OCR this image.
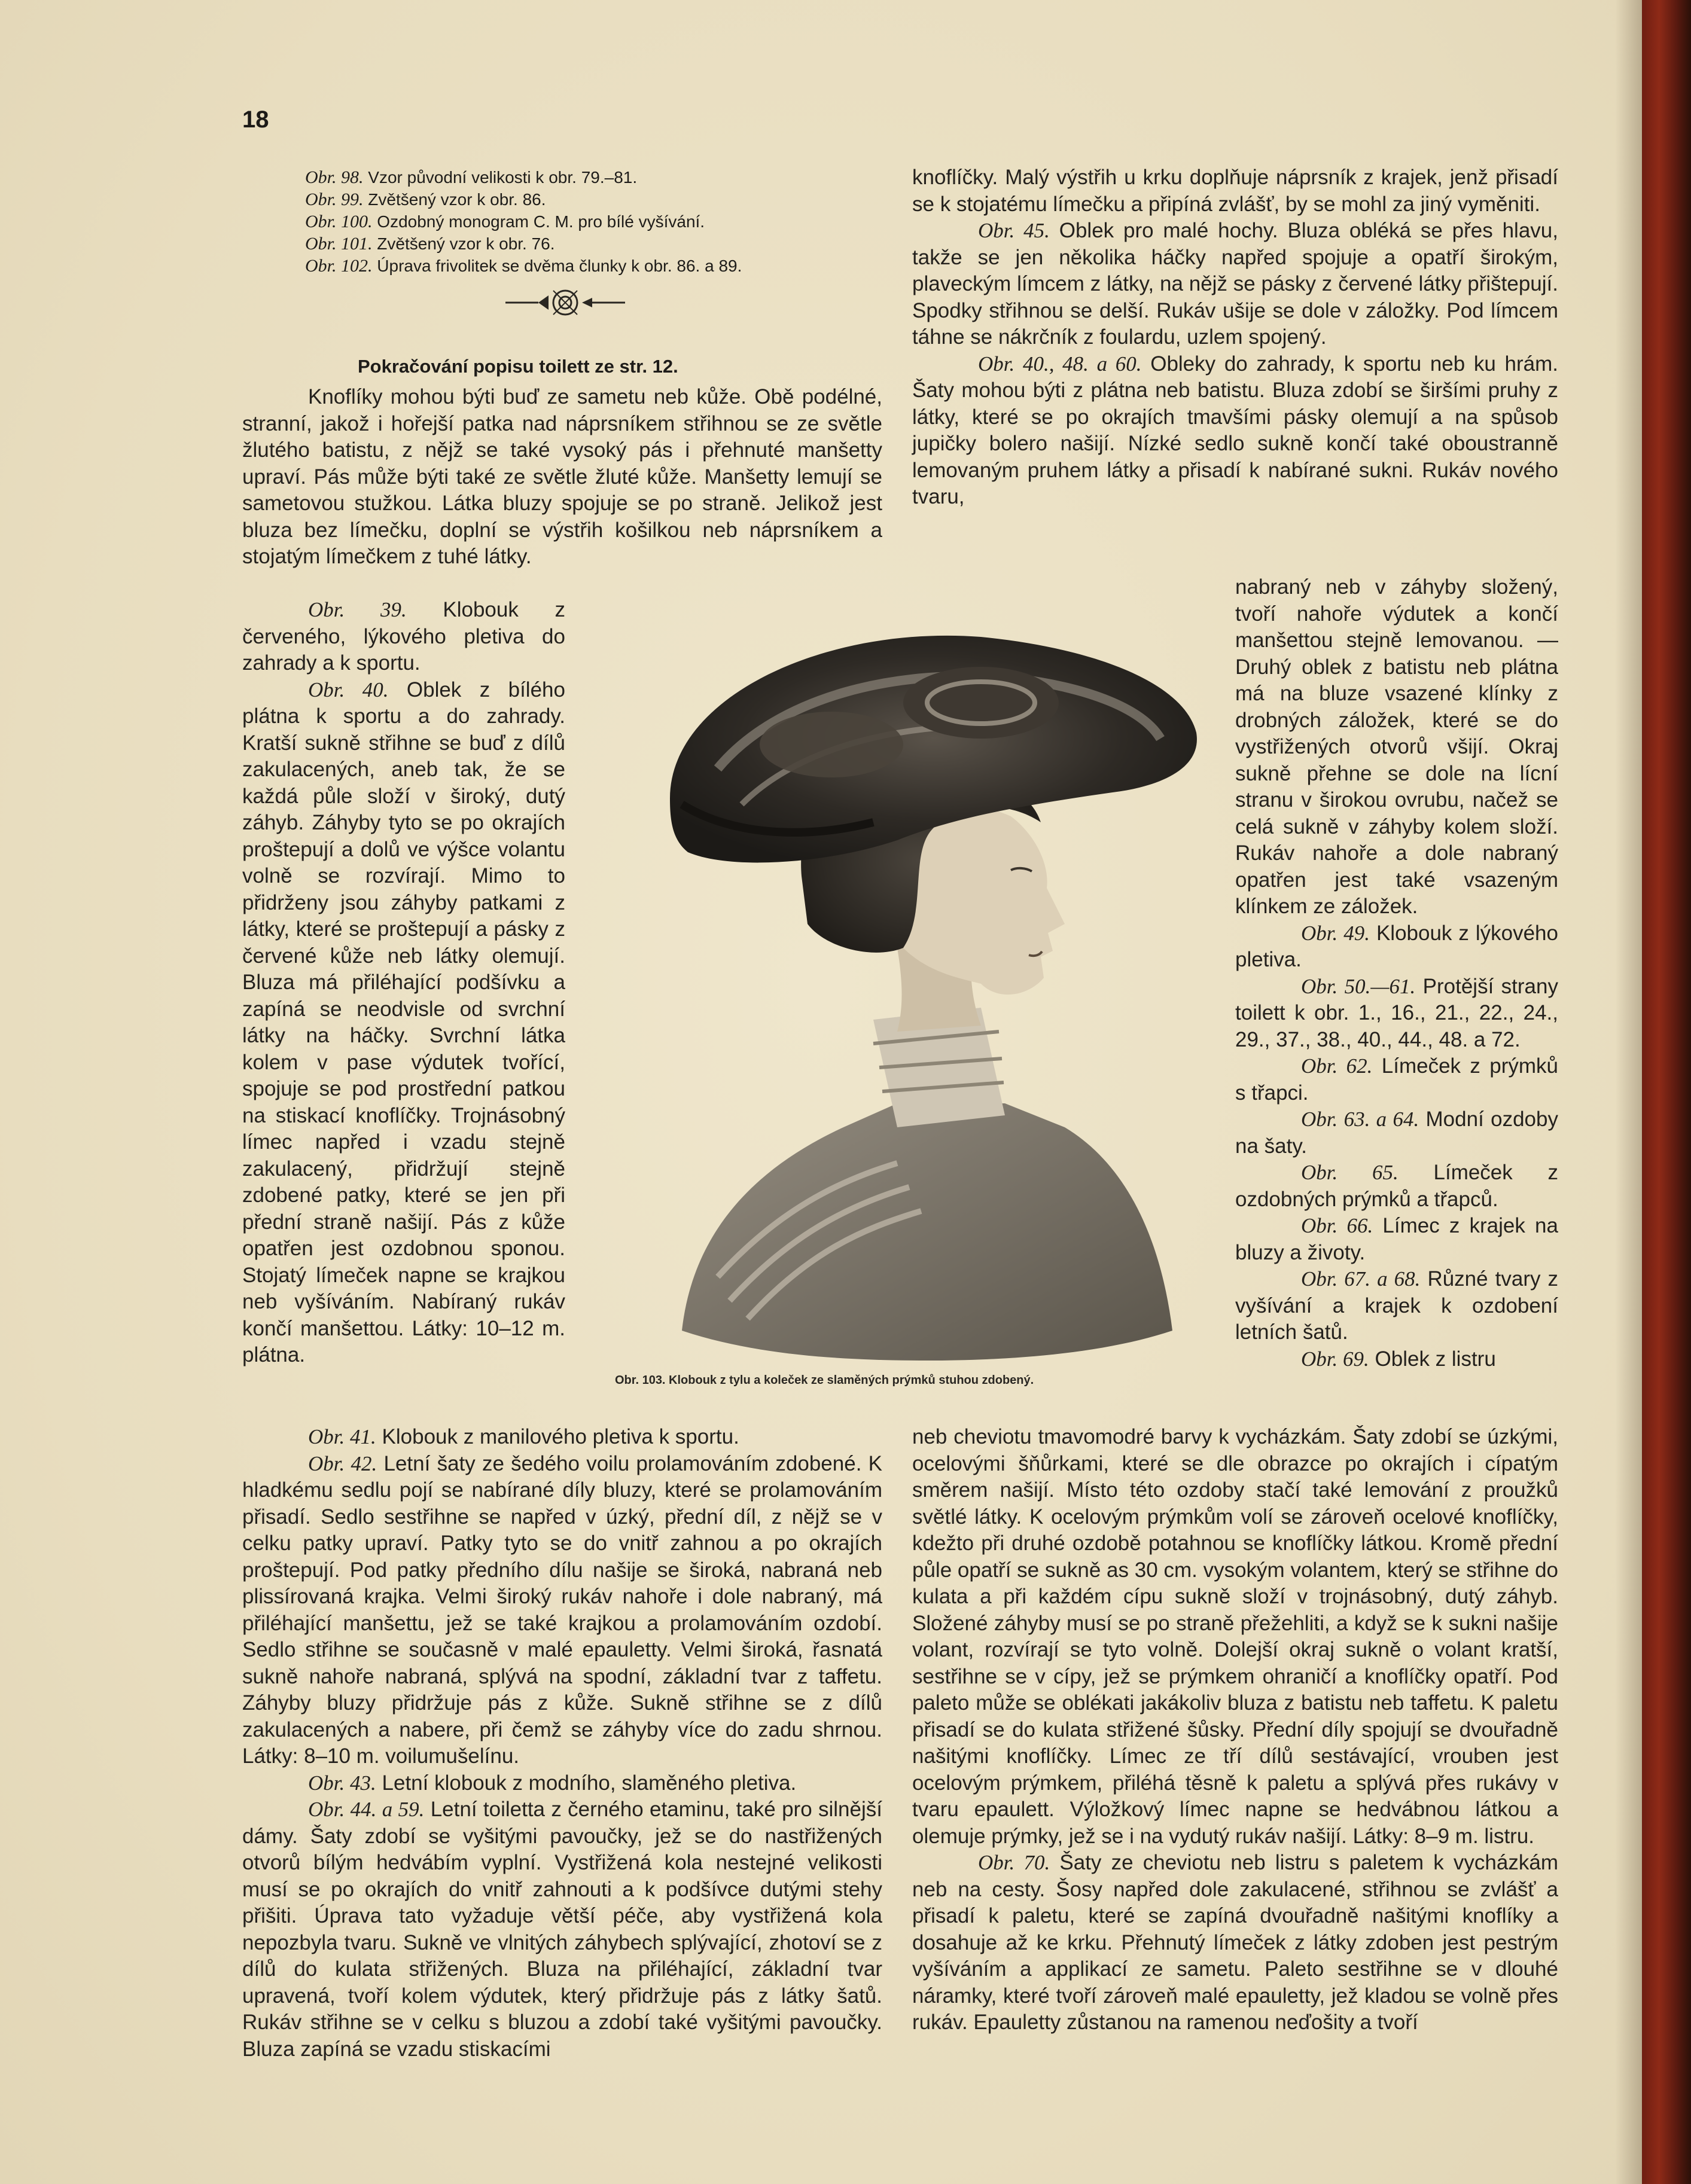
18
Obr. 98. Vzor původní velikosti k obr. 79.–81.
Obr. 99. Zvětšený vzor k obr. 86.
Obr. 100. Ozdobný monogram C. M. pro bílé vyšívání.
Obr. 101. Zvětšený vzor k obr. 76.
Obr. 102. Úprava frivolitek se dvěma člunky k obr. 86. a 89.
Pokračování popisu toilett ze str. 12.

Knoflíky mohou býti buď ze sametu neb kůže. Obě podélné, stranní, jakož i hořejší patka nad náprsníkem střihnou se ze světle žlutého batistu, z nějž se také vysoký pás i přehnuté manšetty upraví. Pás může býti také ze světle žluté kůže. Manšetty lemují se sametovou stužkou. Látka bluzy spojuje se po straně. Jelikož jest bluza bez límečku, doplní se výstřih košilkou neb náprsníkem a stojatým límečkem z tuhé látky.

Obr. 39. Klobouk z červeného, lýkového pletiva do zahrady a k sportu.

Obr. 40. Oblek z bílého plátna k sportu a do zahrady. Kratší sukně střihne se buď z dílů zakulacených, aneb tak, že se každá půle složí v široký, dutý záhyb. Záhyby tyto se po okrajích proštepují a dolů ve výšce volantu volně se rozvírají. Mimo to přidrženy jsou záhyby patkami z látky, které se proštepují a pásky z červené kůže neb látky olemují. Bluza má přiléhající podšívku a zapíná se neodvisle od svrchní látky na háčky. Svrchní látka kolem v pase výdutek tvořící, spojuje se pod prostřední patkou na stiskací knoflíčky. Trojnásobný límec napřed i vzadu stejně zakulacený, přidržují stejně zdobené patky, které se jen při přední straně našijí. Pás z kůže opatřen jest ozdobnou sponou. Stojatý límeček napne se krajkou neb vyšíváním. Nabíraný rukáv končí manšettou. Látky: 10–12 m. plátna.

Obr. 41. Klobouk z manilového pletiva k sportu.

Obr. 42. Letní šaty ze šedého voilu prolamováním zdobené. K hladkému sedlu pojí se nabírané díly bluzy, které se prolamováním přisadí. Sedlo sestřihne se napřed v úzký, přední díl, z nějž se v celku patky upraví. Patky tyto se do vnitř zahnou a po okrajích proštepují. Pod patky předního dílu našije se široká, nabraná neb plissírovaná krajka. Velmi široký rukáv nahoře i dole nabraný, má přiléhající manšettu, jež se také krajkou a prolamováním ozdobí. Sedlo střihne se současně v malé epauletty. Velmi široká, řasnatá sukně nahoře nabraná, splývá na spodní, základní tvar z taffetu. Záhyby bluzy přidržuje pás z kůže. Sukně střihne se z dílů zakulacených a nabere, při čemž se záhyby více do zadu shrnou. Látky: 8–10 m. voilumušelínu.

Obr. 43. Letní klobouk z modního, slaměného pletiva.

Obr. 44. a 59. Letní toiletta z černého etaminu, také pro silnější dámy. Šaty zdobí se vyšitými pavoučky, jež se do nastřižených otvorů bílým hedvábím vyplní. Vystřižená kola nestejné velikosti musí se po okrajích do vnitř zahnouti a k podšívce dutými stehy přišiti. Úprava tato vyžaduje větší péče, aby vystřižená kola nepozbyla tvaru. Sukně ve vlnitých záhybech splývající, zhotoví se z dílů do kulata střižených. Bluza na přiléhající, základní tvar upravená, tvoří kolem výdutek, který přidržuje pás z látky šatů. Rukáv střihne se v celku s bluzou a zdobí také vyšitými pavoučky. Bluza zapíná se vzadu stiskacími

knoflíčky. Malý výstřih u krku doplňuje náprsník z krajek, jenž přisadí se k stojatému límečku a připíná zvlášť, by se mohl za jiný vyměniti.

Obr. 45. Oblek pro malé hochy. Bluza obléká se přes hlavu, takže se jen několika háčky napřed spojuje a opatří širokým, plaveckým límcem z látky, na nějž se pásky z červené látky přištepují. Spodky střihnou se delší. Rukáv ušije se dole v záložky. Pod límcem táhne se nákrčník z foulardu, uzlem spojený.

Obr. 40., 48. a 60. Obleky do zahrady, k sportu neb ku hrám. Šaty mohou býti z plátna neb batistu. Bluza zdobí se širšími pruhy z látky, které se po okrajích tmavšími pásky olemují a na spůsob jupičky bolero našijí. Nízké sedlo sukně končí také oboustranně lemovaným pruhem látky a přisadí k nabírané sukni. Rukáv nového tvaru,

nabraný neb v záhyby složený, tvoří nahoře výdutek a končí manšettou stejně lemovanou. — Druhý oblek z batistu neb plátna má na bluze vsazené klínky z drobných záložek, které se do vystřižených otvorů všijí. Okraj sukně přehne se dole na lícní stranu v širokou ovrubu, načež se celá sukně v záhyby kolem složí. Rukáv nahoře a dole nabraný opatřen jest také vsazeným klínkem ze záložek.

Obr. 49. Klobouk z lýkového pletiva.

Obr. 50.—61. Protější strany toilett k obr. 1., 16., 21., 22., 24., 29., 37., 38., 40., 44., 48. a 72.

Obr. 62. Límeček z prýmků s třapci.

Obr. 63. a 64. Modní ozdoby na šaty.

Obr. 65. Límeček z ozdobných prýmků a třapců.

Obr. 66. Límec z krajek na bluzy a životy.

Obr. 67. a 68. Různé tvary z vyšívání a krajek k ozdobení letních šatů.

Obr. 69. Oblek z listru

neb cheviotu tmavomodré barvy k vycházkám. Šaty zdobí se úzkými, ocelovými šňůrkami, které se dle obrazce po okrajích i cípatým směrem našijí. Místo této ozdoby stačí také lemování z proužků světlé látky. K ocelovým prýmkům volí se zároveň ocelové knoflíčky, kdežto při druhé ozdobě potahnou se knoflíčky látkou. Kromě přední půle opatří se sukně as 30 cm. vysokým volantem, který se střihne do kulata a při každém cípu sukně složí v trojnásobný, dutý záhyb. Složené záhyby musí se po straně přežehliti, a když se k sukni našije volant, rozvírají se tyto volně. Dolejší okraj sukně o volant kratší, sestřihne se v cípy, jež se prýmkem ohraničí a knoflíčky opatří. Pod paleto může se oblékati jakákoliv bluza z batistu neb taffetu. K paletu přisadí se do kulata střižené šůsky. Přední díly spojují se dvouřadně našitými knoflíčky. Límec ze tří dílů sestávající, vrouben jest ocelovým prýmkem, přiléhá těsně k paletu a splývá přes rukávy v tvaru epaulett. Výložkový límec napne se hedvábnou látkou a olemuje prýmky, jež se i na vydutý rukáv našijí. Látky: 8–9 m. listru.

Obr. 70. Šaty ze cheviotu neb listru s paletem k vycházkám neb na cesty. Šosy napřed dole zakulacené, střihnou se zvlášť a přisadí k paletu, které se zapíná dvouřadně našitými knoflíky a dosahuje až ke krku. Přehnutý límeček z látky zdoben jest pestrým vyšíváním a applikací ze sametu. Paleto sestřihne se v dlouhé náramky, které tvoří zároveň malé epauletty, jež kladou se volně přes rukáv. Epauletty zůstanou na ramenou neďošity a tvoří

Obr. 103. Klobouk z tylu a koleček ze slaměných prýmků stuhou zdobený.
